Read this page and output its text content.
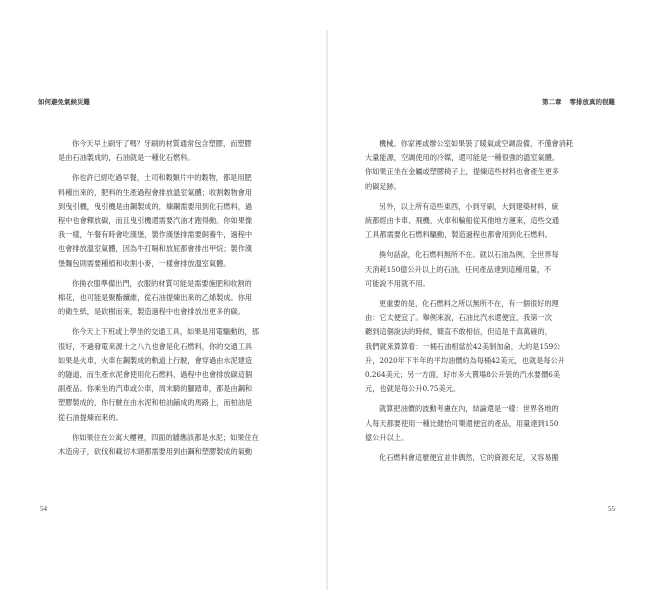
如何避免氣候災難
你今天早上刷牙了嗎？牙刷的材質通常包含塑膠，而塑膠
是由石油製成的，石油就是一種化石燃料。
你也許已經吃過早餐，土司和穀類片中的穀物，都是用肥
料種出來的，肥料的生產過程會排放溫室氣體；收割穀物會用
到曳引機，曳引機是由鋼製成的，煉鋼需要用到化石燃料，過
程中也會釋放碳，而且曳引機還需要汽油才跑得動。你如果像
我一樣，午餐有時會吃漢堡，製作漢堡排需要飼養牛，過程中
也會排放溫室氣體，因為牛打嗝和放屁都會排出甲烷；製作漢
堡麵包則需要種植和收割小麥，一樣會排放溫室氣體。
你換衣服準備出門，衣服的材質可能是需要施肥和收割的
棉花，也可能是聚酯纖維，從石油提煉出來的乙烯製成。你用
的衛生紙，是砍樹而來，製造過程中也會排放出更多的碳。
你今天上下班或上學坐的交通工具，如果是用電驅動的，那
很好，不過發電來源十之八九也會是化石燃料，你的交通工具
如果是火車，火車在鋼製成的軌道上行駛，會穿過由水泥建造
的隧道，而生產水泥會使用化石燃料，過程中也會排放碳這個
副產品。你乘坐的汽車或公車，周末騎的腳踏車，都是由鋼和
塑膠製成的，你行駛在由水泥和柏油鋪成的馬路上，而柏油是
從石油提煉而來的。
你如果住在公寓大樓裡，四面的牆應該都是水泥；如果住在
木造房子，砍伐和載切木頭都需要用到由鋼和塑膠製成的氣動
54
第二章 零排放真的很難
機械。你家裡或辦公室如果裝了暖氣或空調設備，不僅會消耗
大量能源，空調使用的冷媒，還可能是一種很強的溫室氣體。
你如果正坐在金屬或塑膠椅子上，提煉這些材料也會產生更多
的碳足跡。
另外，以上所有這些東西，小到牙刷，大到建築材料，統
統都經由卡車、飛機、火車和輪船從其他地方運來，這些交通
工具都需要化石燃料驅動，製造過程也都會用到化石燃料。
換句話說，化石燃料無所不在。就以石油為例，全世界每
天消耗150億公升以上的石油，任何產品達到這種用量，不
可能說不用就不用。
更重要的是，化石燃料之所以無所不在，有一個很好的理
由：它太便宜了。舉例來說，石油比汽水還便宜，我第一次
聽到這個說法的時候，簡直不敢相信，但這是千真萬確的，
我們就來算算看：一桶石油相當於42美制加侖，大約是159公
升，2020年下半年的平均油價約為每桶42美元，也就是每公升
0.264美元；另一方面，好市多大賣場8公升裝的汽水要價6美
元，也就是每公升0.75美元。
就算把油價的波動考慮在內，結論還是一樣：世界各地的
人每天都要使用一種比健怡可樂還便宜的產品，用量達到150
億公升以上。
化石燃料會這麼便宜並非偶然，它的資源充足，又容易搬
55
